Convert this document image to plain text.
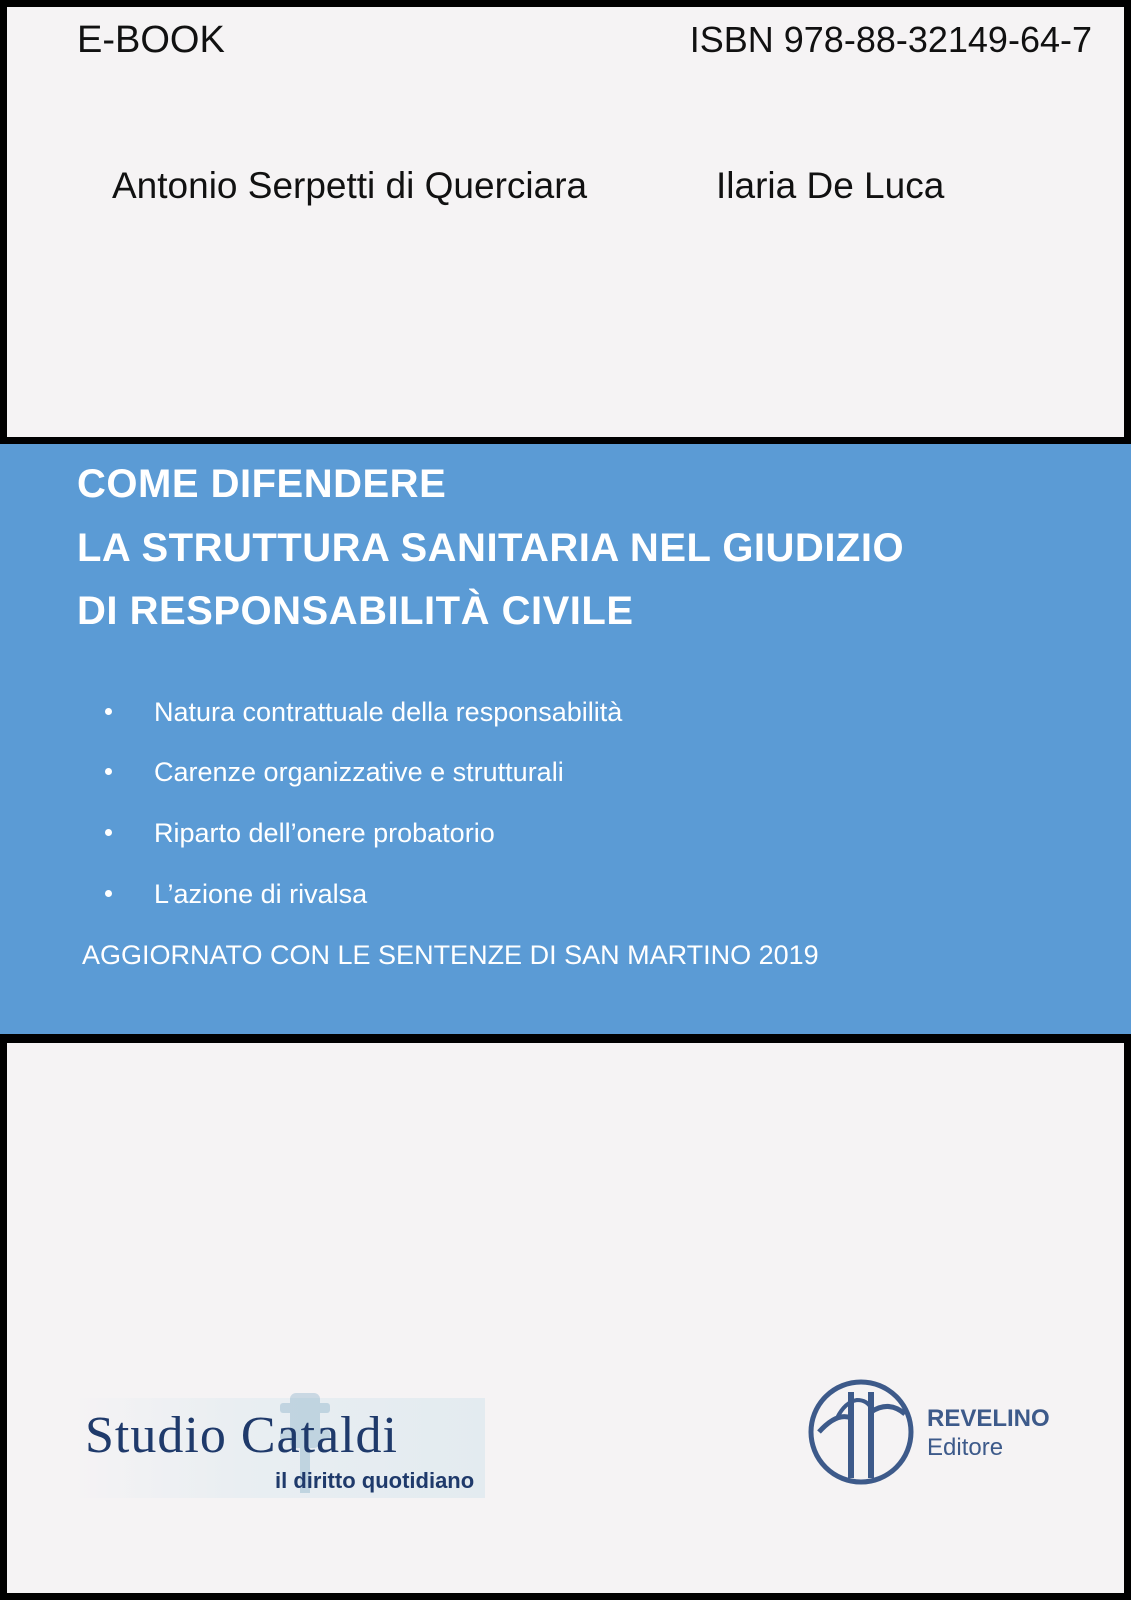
E-BOOK	ISBN 978-88-32149-64-7

Antonio Serpetti di Querciara	Ilaria De Luca

COME DIFENDERE

LA STRUTTURA SANITARIA NEL GIUDIZIO

DI RESPONSABILITÀ CIVILE

Natura contrattuale della responsabilità
Carenze organizzative e strutturali
Riparto dell’onere probatorio
L’azione di rivalsa

AGGIORNATO CON LE SENTENZE DI SAN MARTINO 2019

Studio Cataldi

il diritto quotidiano

REVELINO

Editore
